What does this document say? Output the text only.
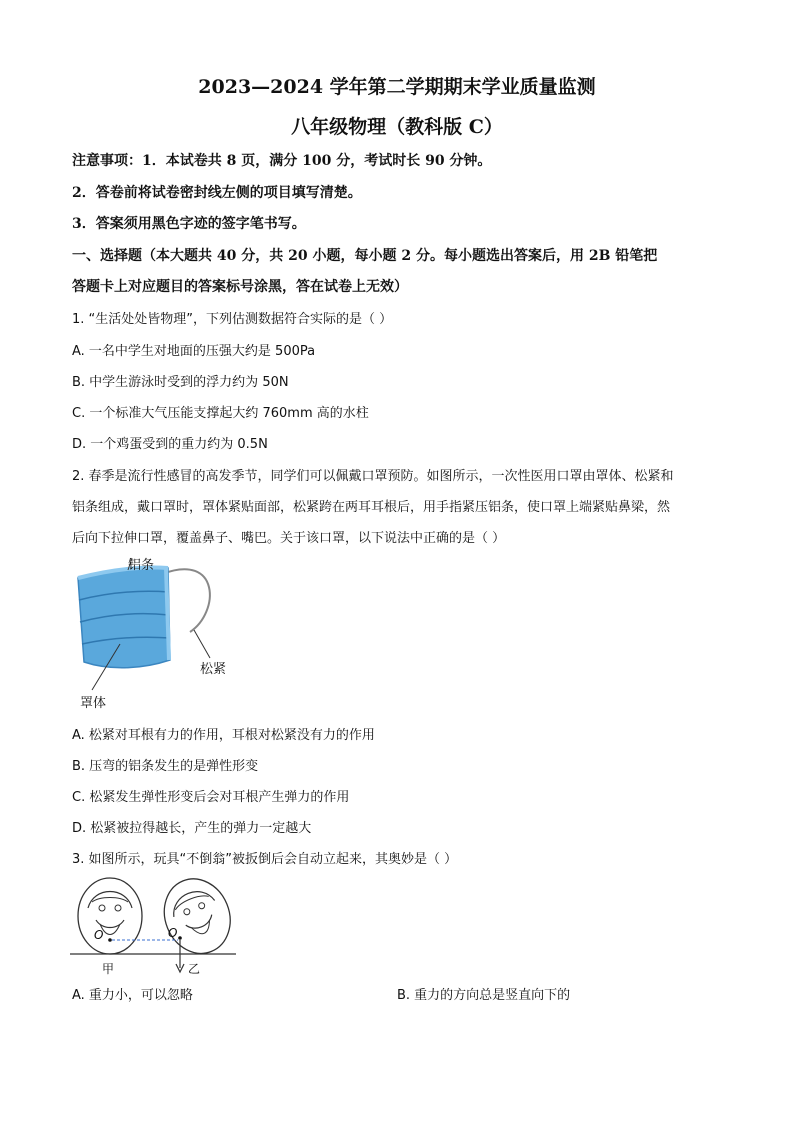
2023—2024 学年第二学期期末学业质量监测
八年级物理（教科版 C）
注意事项：1．本试卷共 8 页，满分 100 分，考试时长 90 分钟。
2．答卷前将试卷密封线左侧的项目填写清楚。
3．答案须用黑色字迹的签字笔书写。
一、选择题（本大题共 40 分，共 20 小题，每小题 2 分。每小题选出答案后，用 2B 铅笔把
答题卡上对应题目的答案标号涂黑，答在试卷上无效）
1. “生活处处皆物理”，下列估测数据符合实际的是（ ）
A. 一名中学生对地面的压强大约是 500Pa
B. 中学生游泳时受到的浮力约为 50N
C. 一个标准大气压能支撑起大约 760mm 高的水柱
D. 一个鸡蛋受到的重力约为 0.5N
2. 春季是流行性感冒的高发季节，同学们可以佩戴口罩预防。如图所示，一次性医用口罩由罩体、松紧和
铝条组成，戴口罩时，罩体紧贴面部，松紧跨在两耳耳根后，用手指紧压铝条，使口罩上端紧贴鼻梁，然
后向下拉伸口罩，覆盖鼻子、嘴巴。关于该口罩，以下说法中正确的是（ ）
铝条
松紧
罩体
A. 松紧对耳根有力的作用，耳根对松紧没有力的作用
B. 压弯的铝条发生的是弹性形变
C. 松紧发生弹性形变后会对耳根产生弹力的作用
D. 松紧被拉得越长，产生的弹力一定越大
3. 如图所示，玩具“不倒翁”被扳倒后会自动立起来，其奥妙是（ ）
O	O
甲	乙
A. 重力小，可以忽略	B. 重力的方向总是竖直向下的
